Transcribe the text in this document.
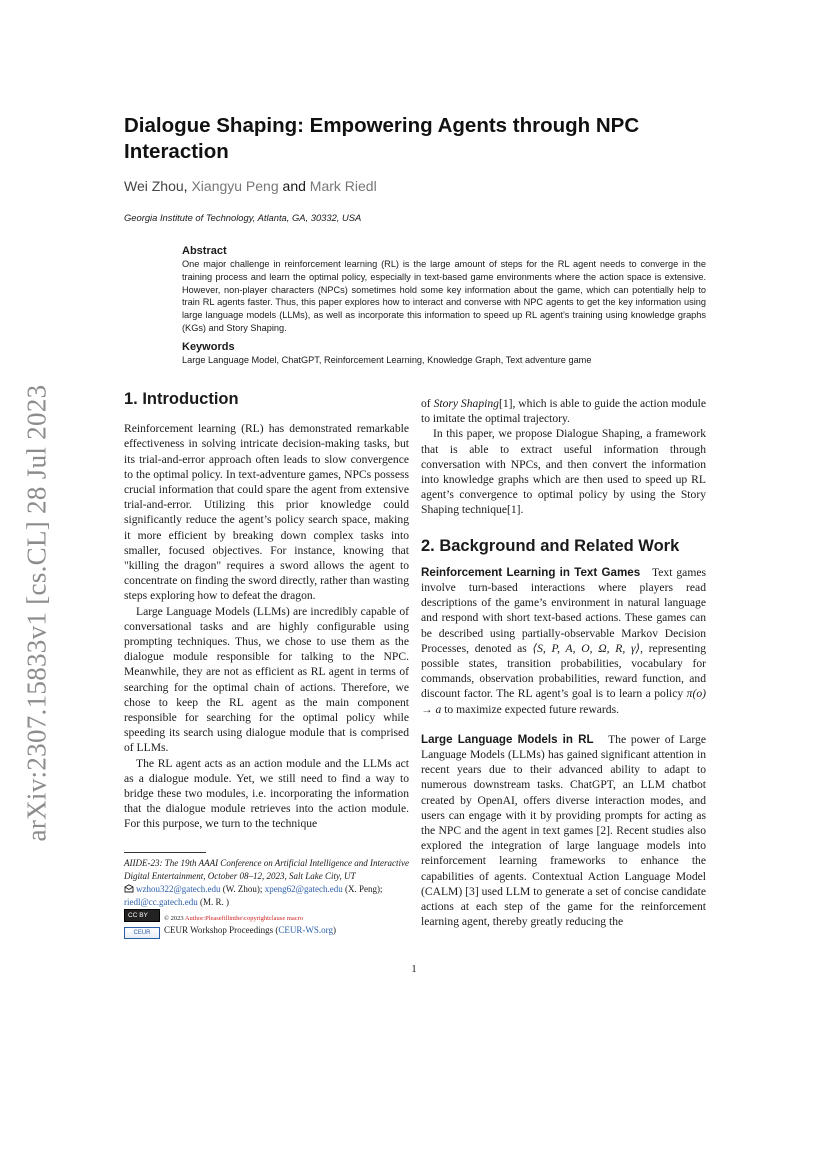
arXiv:2307.15833v1 [cs.CL] 28 Jul 2023
Dialogue Shaping: Empowering Agents through NPC Interaction
Wei Zhou, Xiangyu Peng and Mark Riedl
Georgia Institute of Technology, Atlanta, GA, 30332, USA
Abstract
One major challenge in reinforcement learning (RL) is the large amount of steps for the RL agent needs to converge in the training process and learn the optimal policy, especially in text-based game environments where the action space is extensive. However, non-player characters (NPCs) sometimes hold some key information about the game, which can potentially help to train RL agents faster. Thus, this paper explores how to interact and converse with NPC agents to get the key information using large language models (LLMs), as well as incorporate this information to speed up RL agent’s training using knowledge graphs (KGs) and Story Shaping.
Keywords
Large Language Model, ChatGPT, Reinforcement Learning, Knowledge Graph, Text adventure game
1. Introduction

Reinforcement learning (RL) has demonstrated remarkable effectiveness in solving intricate decision-making tasks, but its trial-and-error approach often leads to slow convergence to the optimal policy. In text-adventure games, NPCs possess crucial information that could spare the agent from extensive trial-and-error. Utilizing this prior knowledge could significantly reduce the agent’s policy search space, making it more efficient by breaking down complex tasks into smaller, focused objectives. For instance, knowing that "killing the dragon" requires a sword allows the agent to concentrate on finding the sword directly, rather than wasting steps exploring how to defeat the dragon.

Large Language Models (LLMs) are incredibly capable of conversational tasks and are highly configurable using prompting techniques. Thus, we chose to use them as the dialogue module responsible for talking to the NPC. Meanwhile, they are not as efficient as RL agent in terms of searching for the optimal chain of actions. Therefore, we chose to keep the RL agent as the main component responsible for searching for the optimal policy while speeding its search using dialogue module that is comprised of LLMs.

The RL agent acts as an action module and the LLMs act as a dialogue module. Yet, we still need to find a way to bridge these two modules, i.e. incorporating the information that the dialogue module retrieves into the action module. For this purpose, we turn to the technique

AIIDE-23: The 19th AAAI Conference on Artificial Intelligence and Interactive Digital Entertainment, October 08–12, 2023, Salt Lake City, UT
wzhou322@gatech.edu (W. Zhou); xpeng62@gatech.edu (X. Peng); riedl@cc.gatech.edu (M. R. )
CC BY © 2023 Author:Pleasefillinthe\copyrightclause macro
CEUR	CEUR Workshop Proceedings (CEUR-WS.org)

of Story Shaping[1], which is able to guide the action module to imitate the optimal trajectory.

In this paper, we propose Dialogue Shaping, a framework that is able to extract useful information through conversation with NPCs, and then convert the information into knowledge graphs which are then used to speed up RL agent’s convergence to optimal policy by using the Story Shaping technique[1].

2. Background and Related Work

Reinforcement Learning in Text Games Text games involve turn-based interactions where players read descriptions of the game’s environment in natural language and respond with short text-based actions. These games can be described using partially-observable Markov Decision Processes, denoted as ⟨S, P, A, O, Ω, R, γ⟩, representing possible states, transition probabilities, vocabulary for commands, observation probabilities, reward function, and discount factor. The RL agent’s goal is to learn a policy π(o) → a to maximize expected future rewards.

Large Language Models in RL The power of Large Language Models (LLMs) has gained significant attention in recent years due to their advanced ability to adapt to numerous downstream tasks. ChatGPT, an LLM chatbot created by OpenAI, offers diverse interaction modes, and users can engage with it by providing prompts for acting as the NPC and the agent in text games [2]. Recent studies also explored the integration of large language models into reinforcement learning frameworks to enhance the capabilities of agents. Contextual Action Language Model (CALM) [3] used LLM to generate a set of concise candidate actions at each step of the game for the reinforcement learning agent, thereby greatly reducing the

1
